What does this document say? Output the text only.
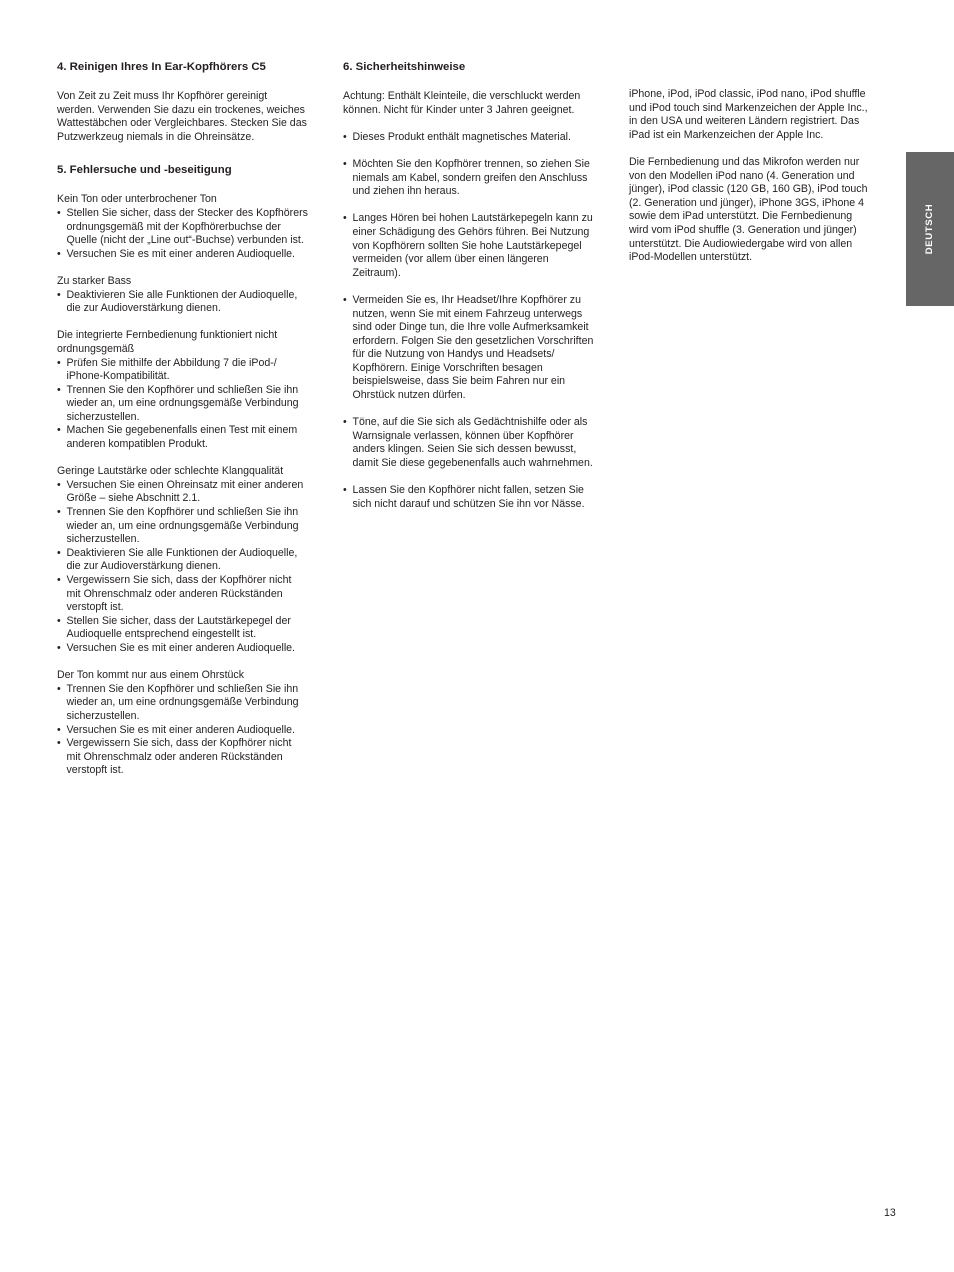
4. Reinigen Ihres In Ear-Kopfhörers C5

Von Zeit zu Zeit muss Ihr Kopfhörer gereinigt
werden. Verwenden Sie dazu ein trockenes, weiches
Wattestäbchen oder Vergleichbares. Stecken Sie das
Putzwerkzeug niemals in die Ohreinsätze.

5. Fehlersuche und -beseitigung

Kein Ton oder unterbrochener Ton

• Stellen Sie sicher, dass der Stecker des Kopfhörers
ordnungsgemäß mit der Kopfhörerbuchse der
Quelle (nicht der „Line out“-Buchse) verbunden ist.
• Versuchen Sie es mit einer anderen Audioquelle.

Zu starker Bass

• Deaktivieren Sie alle Funktionen der Audioquelle,
die zur Audioverstärkung dienen.

Die integrierte Fernbedienung funktioniert nicht
ordnungsgemäß

• Prüfen Sie mithilfe der Abbildung 7 die iPod-/
iPhone-Kompatibilität.
• Trennen Sie den Kopfhörer und schließen Sie ihn
wieder an, um eine ordnungsgemäße Verbindung
sicherzustellen.
• Machen Sie gegebenenfalls einen Test mit einem
anderen kompatiblen Produkt.

Geringe Lautstärke oder schlechte Klangqualität

• Versuchen Sie einen Ohreinsatz mit einer anderen
Größe – siehe Abschnitt 2.1.
• Trennen Sie den Kopfhörer und schließen Sie ihn
wieder an, um eine ordnungsgemäße Verbindung
sicherzustellen.
• Deaktivieren Sie alle Funktionen der Audioquelle,
die zur Audioverstärkung dienen.
• Vergewissern Sie sich, dass der Kopfhörer nicht
mit Ohrenschmalz oder anderen Rückständen
verstopft ist.
• Stellen Sie sicher, dass der Lautstärkepegel der
Audioquelle entsprechend eingestellt ist.
• Versuchen Sie es mit einer anderen Audioquelle.

Der Ton kommt nur aus einem Ohrstück

• Trennen Sie den Kopfhörer und schließen Sie ihn
wieder an, um eine ordnungsgemäße Verbindung
sicherzustellen.
• Versuchen Sie es mit einer anderen Audioquelle.
• Vergewissern Sie sich, dass der Kopfhörer nicht
mit Ohrenschmalz oder anderen Rückständen
verstopft ist.
6. Sicherheitshinweise

Achtung: Enthält Kleinteile, die verschluckt werden
können. Nicht für Kinder unter 3 Jahren geeignet.

• Dieses Produkt enthält magnetisches Material.
• Möchten Sie den Kopfhörer trennen, so ziehen Sie
niemals am Kabel, sondern greifen den Anschluss
und ziehen ihn heraus.
• Langes Hören bei hohen Lautstärkepegeln kann zu
einer Schädigung des Gehörs führen. Bei Nutzung
von Kopfhörern sollten Sie hohe Lautstärkepegel
vermeiden (vor allem über einen längeren
Zeitraum).
• Vermeiden Sie es, Ihr Headset/Ihre Kopfhörer zu
nutzen, wenn Sie mit einem Fahrzeug unterwegs
sind oder Dinge tun, die Ihre volle Aufmerksamkeit
erfordern. Folgen Sie den gesetzlichen Vorschriften
für die Nutzung von Handys und Headsets/
Kopfhörern. Einige Vorschriften besagen
beispielsweise, dass Sie beim Fahren nur ein
Ohrstück nutzen dürfen.
• Töne, auf die Sie sich als Gedächtnishilfe oder als
Warnsignale verlassen, können über Kopfhörer
anders klingen. Seien Sie sich dessen bewusst,
damit Sie diese gegebenenfalls auch wahrnehmen.
• Lassen Sie den Kopfhörer nicht fallen, setzen Sie
sich nicht darauf und schützen Sie ihn vor Nässe.

iPhone, iPod, iPod classic, iPod nano, iPod shuffle
und iPod touch sind Markenzeichen der Apple Inc.,
in den USA und weiteren Ländern registriert. Das
iPad ist ein Markenzeichen der Apple Inc.

Die Fernbedienung und das Mikrofon werden nur
von den Modellen iPod nano (4. Generation und
jünger), iPod classic (120 GB, 160 GB), iPod touch
(2. Generation und jünger), iPhone 3GS, iPhone 4
sowie dem iPad unterstützt. Die Fernbedienung
wird vom iPod shuffle (3. Generation und jünger)
unterstützt. Die Audiowiedergabe wird von allen
iPod-Modellen unterstützt.

DEUTSCH
13
